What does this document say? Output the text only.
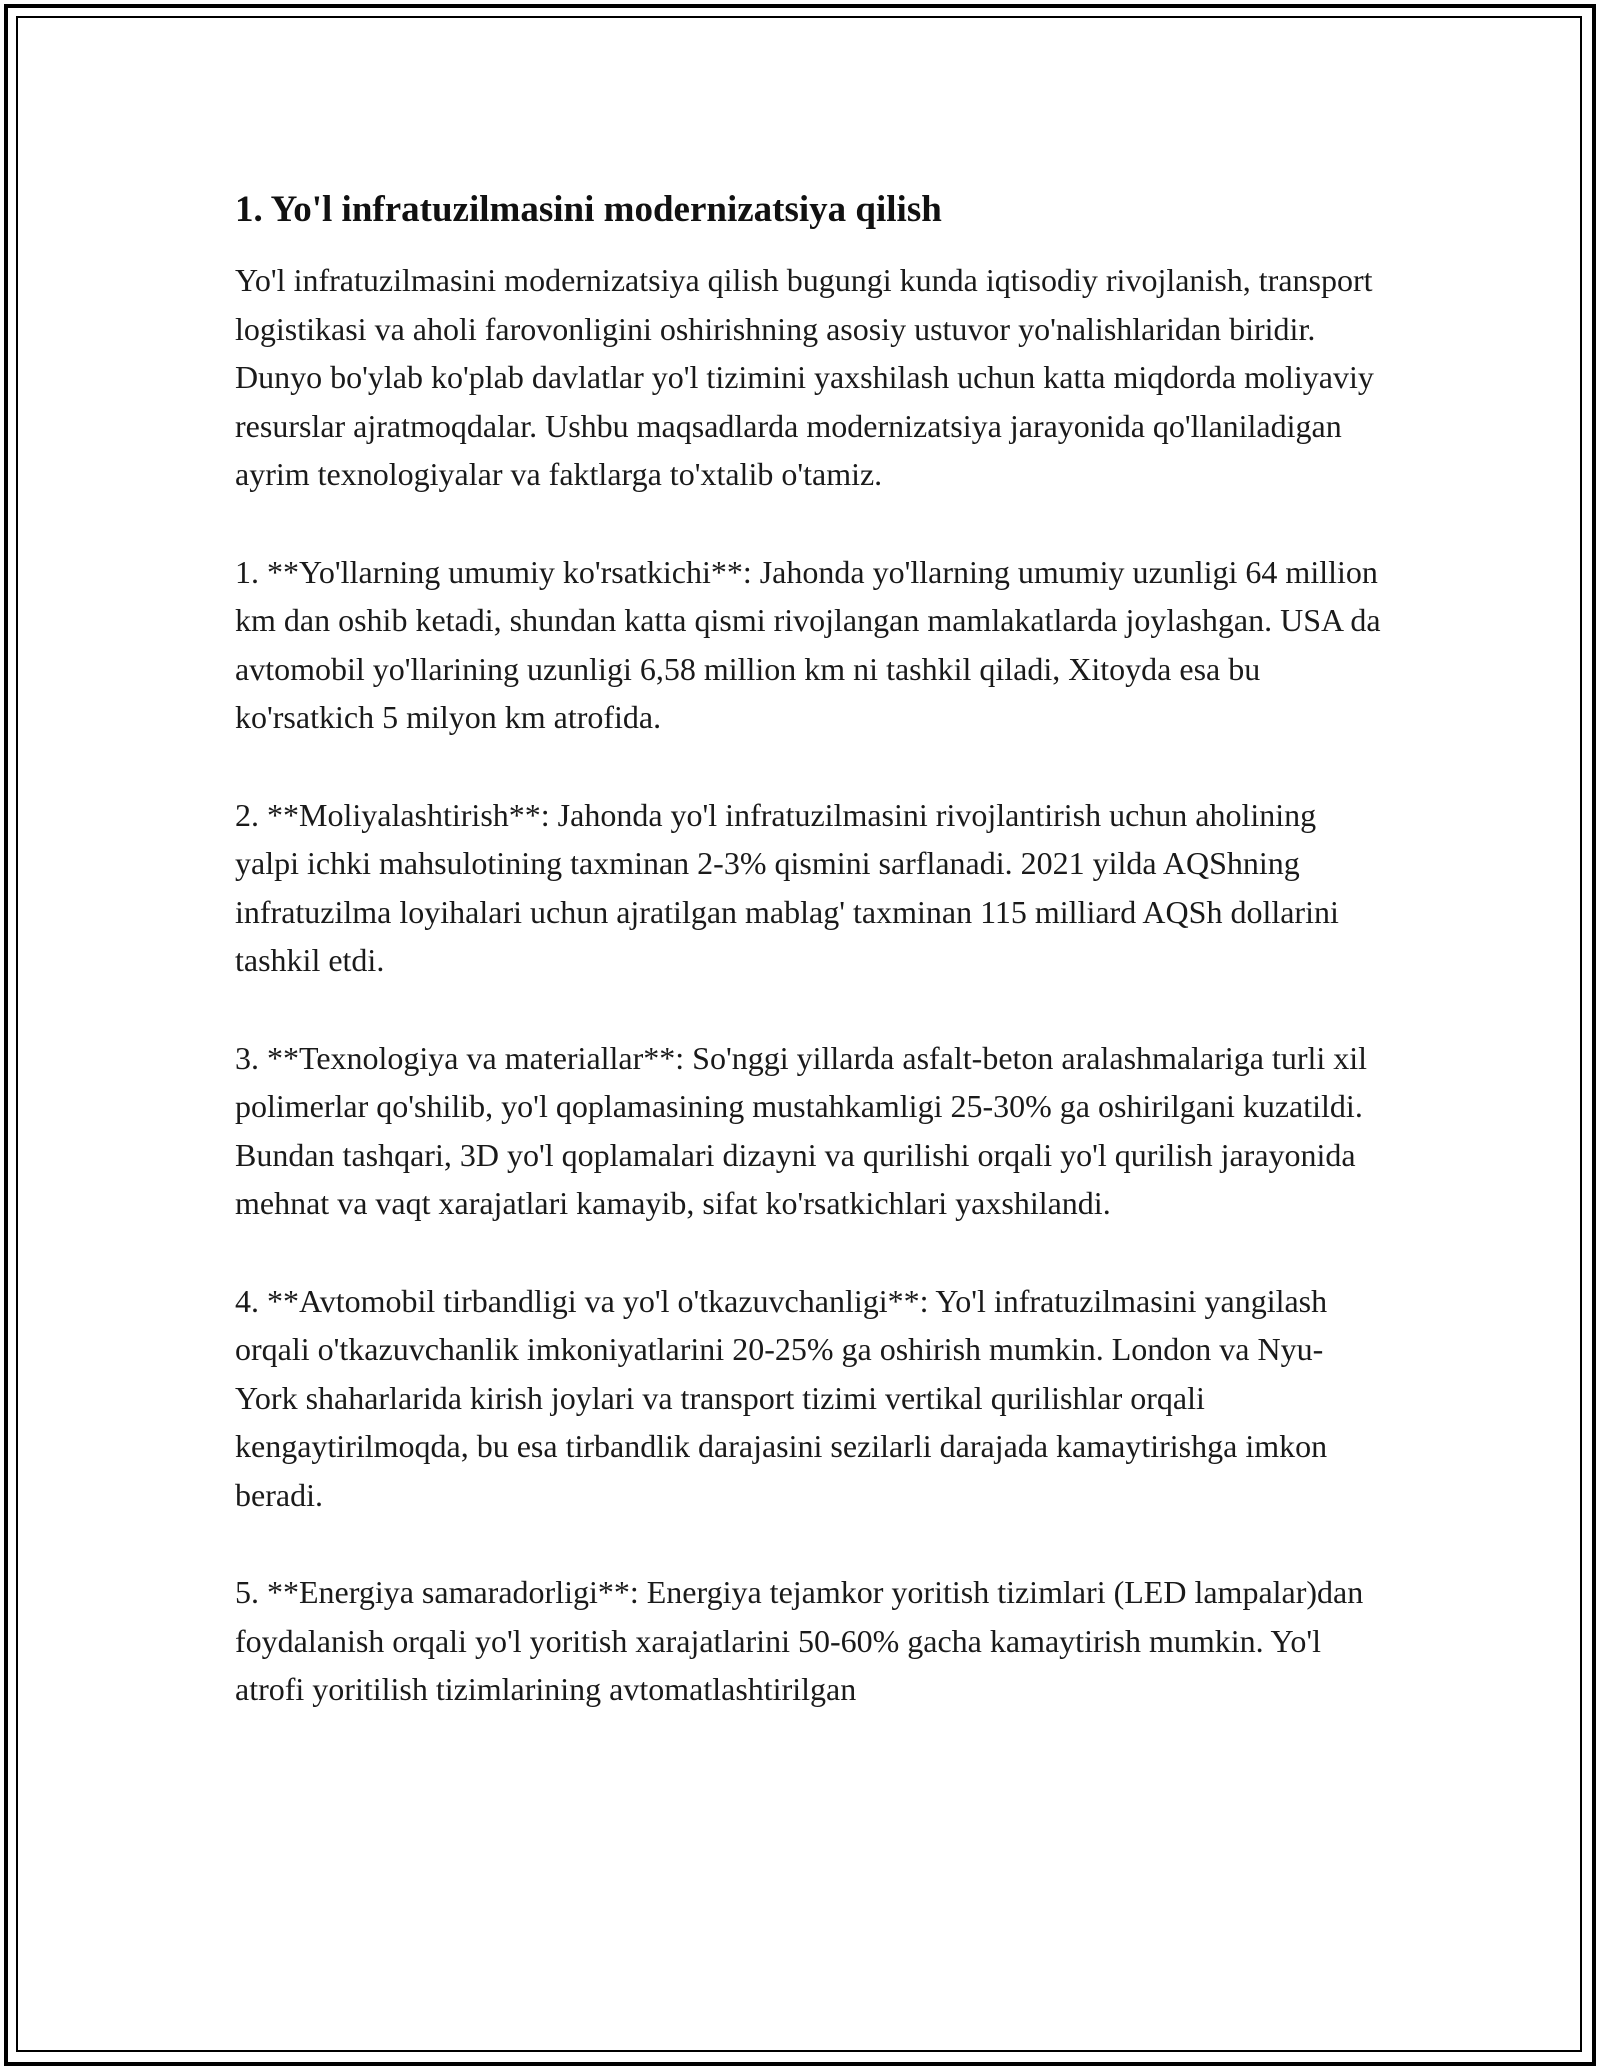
1. Yo'l infratuzilmasini modernizatsiya qilish

Yo'l infratuzilmasini modernizatsiya qilish bugungi kunda iqtisodiy rivojlanish, transport logistikasi va aholi farovonligini oshirishning asosiy ustuvor yo'nalishlaridan biridir. Dunyo bo'ylab ko'plab davlatlar yo'l tizimini yaxshilash uchun katta miqdorda moliyaviy resurslar ajratmoqdalar. Ushbu maqsadlarda modernizatsiya jarayonida qo'llaniladigan ayrim texnologiyalar va faktlarga to'xtalib o'tamiz.

1. **Yo'llarning umumiy ko'rsatkichi**: Jahonda yo'llarning umumiy uzunligi 64 million km dan oshib ketadi, shundan katta qismi rivojlangan mamlakatlarda joylashgan. USA da avtomobil yo'llarining uzunligi 6,58 million km ni tashkil qiladi, Xitoyda esa bu ko'rsatkich 5 milyon km atrofida.

2. **Moliyalashtirish**: Jahonda yo'l infratuzilmasini rivojlantirish uchun aholining yalpi ichki mahsulotining taxminan 2-3% qismini sarflanadi. 2021 yilda AQShning infratuzilma loyihalari uchun ajratilgan mablag' taxminan 115 milliard AQSh dollarini tashkil etdi.

3. **Texnologiya va materiallar**: So'nggi yillarda asfalt-beton aralashmalariga turli xil polimerlar qo'shilib, yo'l qoplamasining mustahkamligi 25-30% ga oshirilgani kuzatildi. Bundan tashqari, 3D yo'l qoplamalari dizayni va qurilishi orqali yo'l qurilish jarayonida mehnat va vaqt xarajatlari kamayib, sifat ko'rsatkichlari yaxshilandi.

4. **Avtomobil tirbandligi va yo'l o'tkazuvchanligi**: Yo'l infratuzilmasini yangilash orqali o'tkazuvchanlik imkoniyatlarini 20-25% ga oshirish mumkin. London va Nyu-York shaharlarida kirish joylari va transport tizimi vertikal qurilishlar orqali kengaytirilmoqda, bu esa tirbandlik darajasini sezilarli darajada kamaytirishga imkon beradi.

5. **Energiya samaradorligi**: Energiya tejamkor yoritish tizimlari (LED lampalar)dan foydalanish orqali yo'l yoritish xarajatlarini 50-60% gacha kamaytirish mumkin. Yo'l atrofi yoritilish tizimlarining avtomatlashtirilgan
